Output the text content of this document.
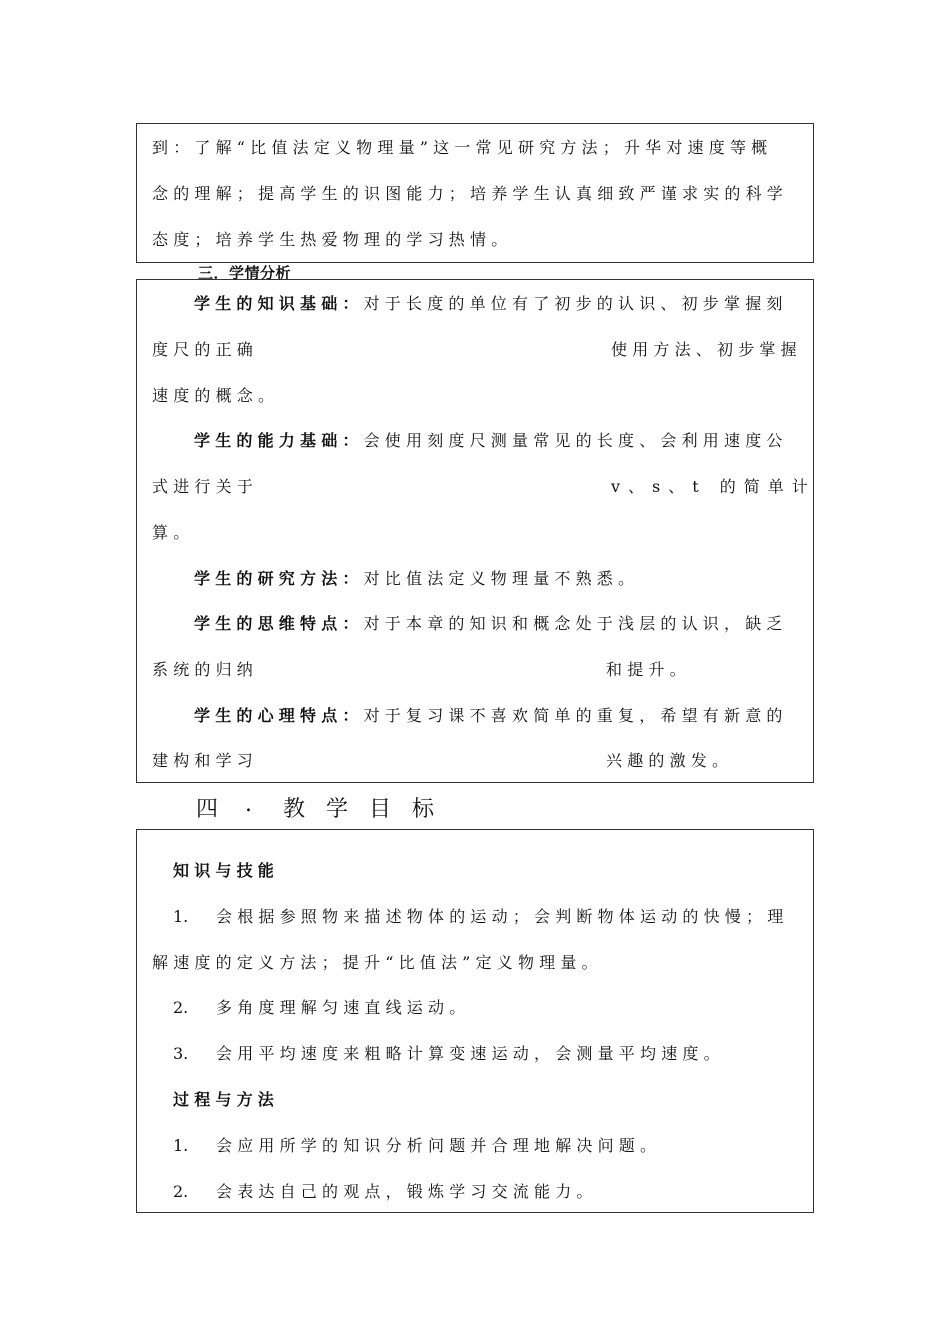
到：了解“比值法定义物理量”这一常见研究方法；升华对速度等概
念的理解；提高学生的识图能力；培养学生认真细致严谨求实的科学
态度；培养学生热爱物理的学习热情。
三．学情分析
学生的知识基础：对于长度的单位有了初步的认识、初步掌握刻
度尺的正确	使用方法、初步掌握
速度的概念。
学生的能力基础：会使用刻度尺测量常见的长度、会利用速度公
式进行关于	v、s、t 的简单计
算。
学生的研究方法：对比值法定义物理量不熟悉。
学生的思维特点：对于本章的知识和概念处于浅层的认识，缺乏
系统的归纳	和提升。
学生的心理特点：对于复习课不喜欢简单的重复，希望有新意的
建构和学习	兴趣的激发。
四 . 教 学 目 标
知识与技能
1. 会根据参照物来描述物体的运动；会判断物体运动的快慢；理
解速度的定义方法；提升“比值法”定义物理量。
2. 多角度理解匀速直线运动。
3. 会用平均速度来粗略计算变速运动，会测量平均速度。
过程与方法
1. 会应用所学的知识分析问题并合理地解决问题。
2. 会表达自己的观点，锻炼学习交流能力。
